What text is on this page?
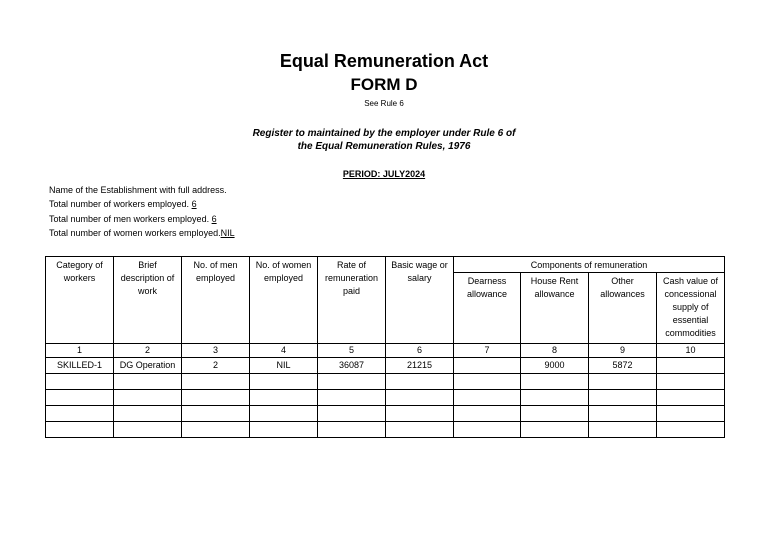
Equal Remuneration Act
FORM D
See Rule 6
Register to maintained by the employer under Rule 6 of
the Equal Remuneration Rules, 1976
PERIOD: JULY2024
Name of the Establishment with full address.
Total number of workers employed. 6
Total number of men workers employed. 6
Total number of women workers employed.NIL
Category of workers	Brief description of work	No. of men employed	No. of women employed	Rate of remuneration paid	Basic wage or salary	Components of remuneration			
						Dearness allowance	House Rent allowance	Other allowances	Cash value of concessional supply of essential commodities
1	2	3	4	5	6	7	8	9	10
SKILLED-1	DG Operation	2	NIL	36087	21215		9000	5872	
